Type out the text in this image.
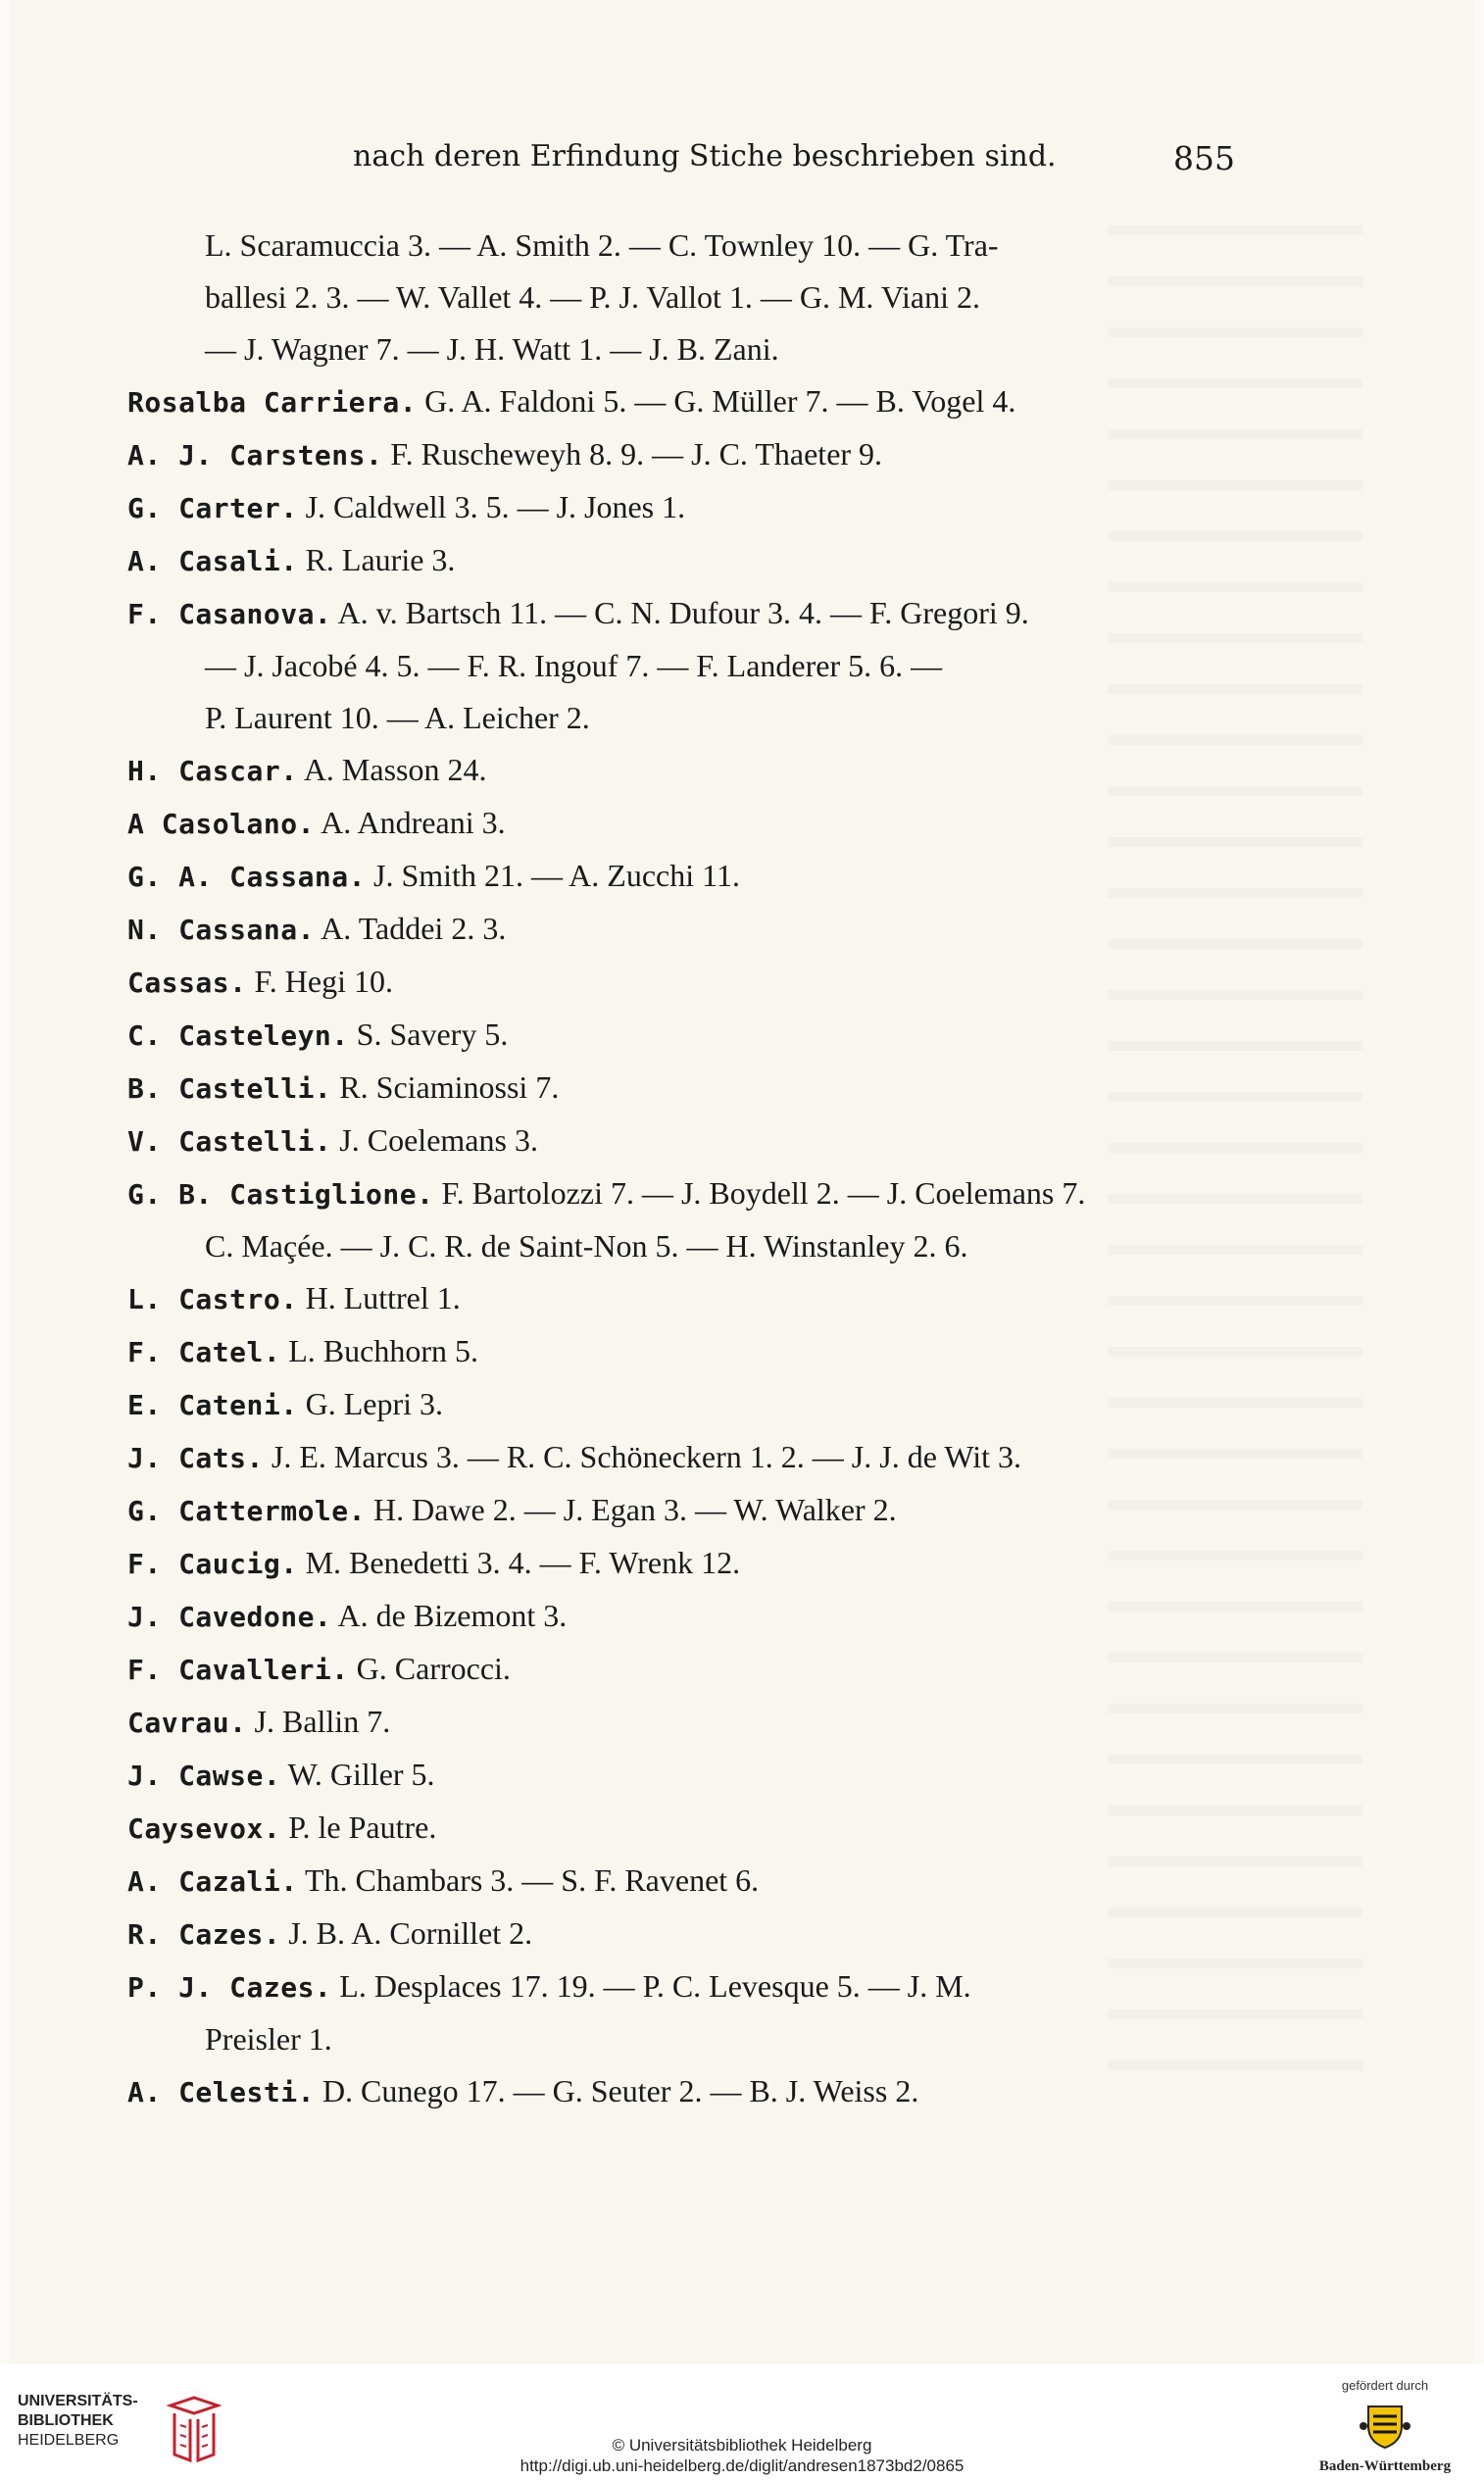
nach deren Erfindung Stiche beschrieben sind.	855
L. Scaramuccia 3. — A. Smith 2. — C. Townley 10. — G. Tra-
ballesi 2. 3. — W. Vallet 4. — P. J. Vallot 1. — G. M. Viani 2.
— J. Wagner 7. — J. H. Watt 1. — J. B. Zani.
Rosalba Carriera. G. A. Faldoni 5. — G. Müller 7. — B. Vogel 4.
A. J. Carstens. F. Ruscheweyh 8. 9. — J. C. Thaeter 9.
G. Carter. J. Caldwell 3. 5. — J. Jones 1.
A. Casali. R. Laurie 3.
F. Casanova. A. v. Bartsch 11. — C. N. Dufour 3. 4. — F. Gregori 9.
— J. Jacobé 4. 5. — F. R. Ingouf 7. — F. Landerer 5. 6. —
P. Laurent 10. — A. Leicher 2.
H. Cascar. A. Masson 24.
A Casolano. A. Andreani 3.
G. A. Cassana. J. Smith 21. — A. Zucchi 11.
N. Cassana. A. Taddei 2. 3.
Cassas. F. Hegi 10.
C. Casteleyn. S. Savery 5.
B. Castelli. R. Sciaminossi 7.
V. Castelli. J. Coelemans 3.
G. B. Castiglione. F. Bartolozzi 7. — J. Boydell 2. — J. Coelemans 7.
C. Maçée. — J. C. R. de Saint-Non 5. — H. Winstanley 2. 6.
L. Castro. H. Luttrel 1.
F. Catel. L. Buchhorn 5.
E. Cateni. G. Lepri 3.
J. Cats. J. E. Marcus 3. — R. C. Schöneckern 1. 2. — J. J. de Wit 3.
G. Cattermole. H. Dawe 2. — J. Egan 3. — W. Walker 2.
F. Caucig. M. Benedetti 3. 4. — F. Wrenk 12.
J. Cavedone. A. de Bizemont 3.
F. Cavalleri. G. Carrocci.
Cavrau. J. Ballin 7.
J. Cawse. W. Giller 5.
Caysevox. P. le Pautre.
A. Cazali. Th. Chambars 3. — S. F. Ravenet 6.
R. Cazes. J. B. A. Cornillet 2.
P. J. Cazes. L. Desplaces 17. 19. — P. C. Levesque 5. — J. M.
Preisler 1.
A. Celesti. D. Cunego 17. — G. Seuter 2. — B. J. Weiss 2.
UNIVERSITÄTS-
BIBLIOTHEK
HEIDELBERG	© Universitätsbibliothek Heidelberg
http://digi.ub.uni-heidelberg.de/diglit/andresen1873bd2/0865
gefördert durch
Baden-Württemberg
